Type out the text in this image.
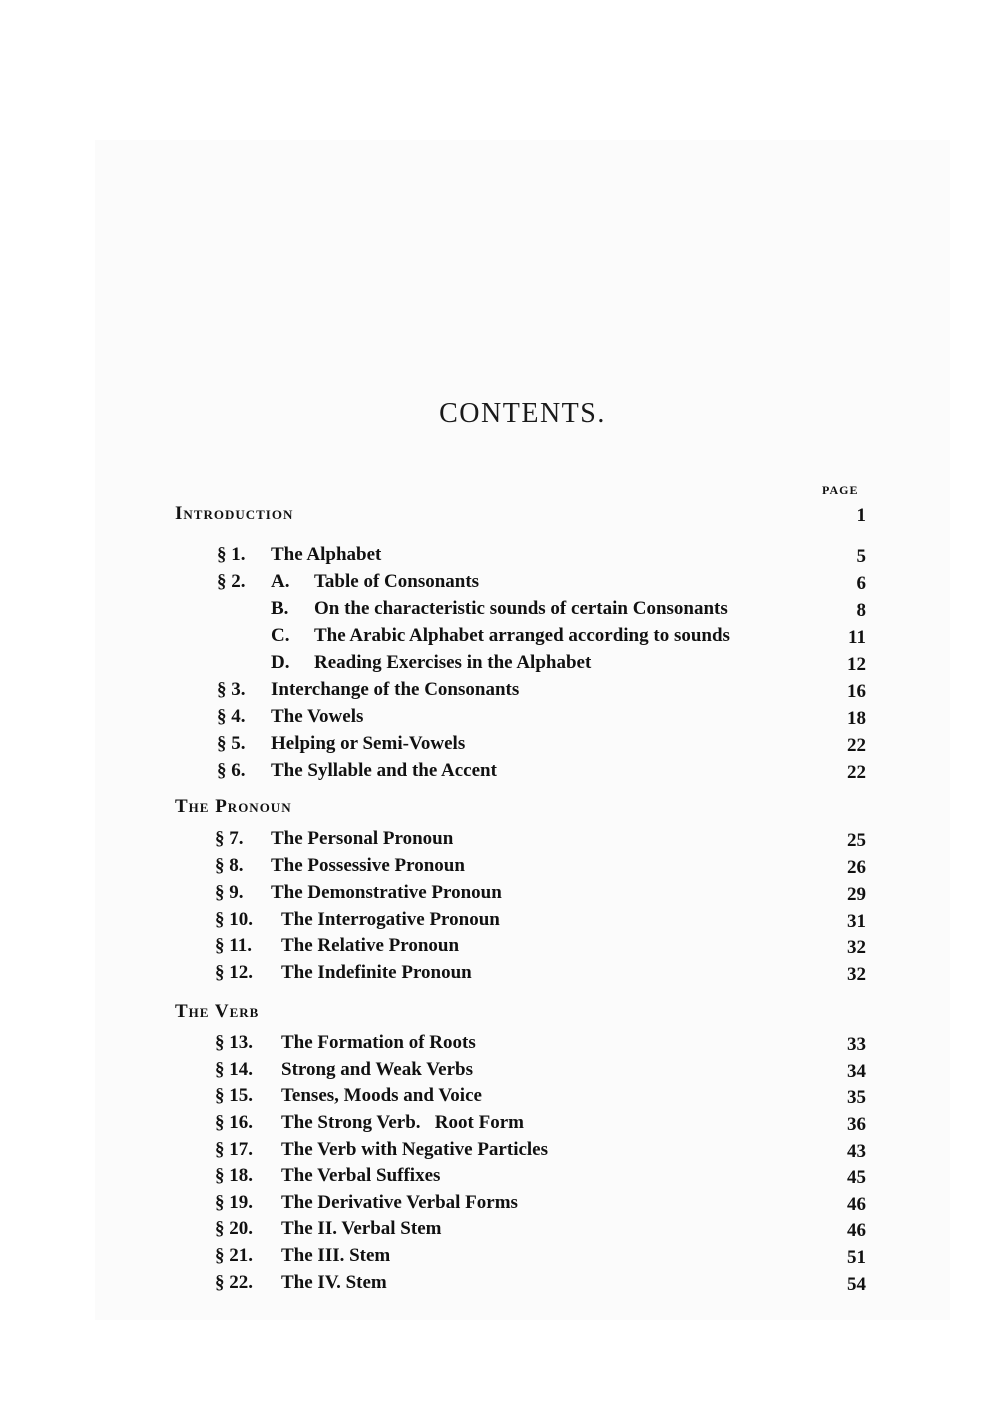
CONTENTS.
PAGE
Introduction	1
§ 1. The Alphabet	5
§ 2. A. Table of Consonants	6
B. On the characteristic sounds of certain Consonants	8
C. The Arabic Alphabet arranged according to sounds	11
D. Reading Exercises in the Alphabet	12
§ 3. Interchange of the Consonants	16
§ 4. The Vowels	18
§ 5. Helping or Semi-Vowels	22
§ 6. The Syllable and the Accent	22
The Pronoun
§ 7. The Personal Pronoun	25
§ 8. The Possessive Pronoun	26
§ 9. The Demonstrative Pronoun	29
§ 10. The Interrogative Pronoun	31
§ 11. The Relative Pronoun	32
§ 12. The Indefinite Pronoun	32
The Verb
§ 13. The Formation of Roots	33
§ 14. Strong and Weak Verbs	34
§ 15. Tenses, Moods and Voice	35
§ 16. The Strong Verb.   Root Form	36
§ 17. The Verb with Negative Particles	43
§ 18. The Verbal Suffixes	45
§ 19. The Derivative Verbal Forms	46
§ 20. The II. Verbal Stem	46
§ 21. The III. Stem	51
§ 22. The IV. Stem	54
